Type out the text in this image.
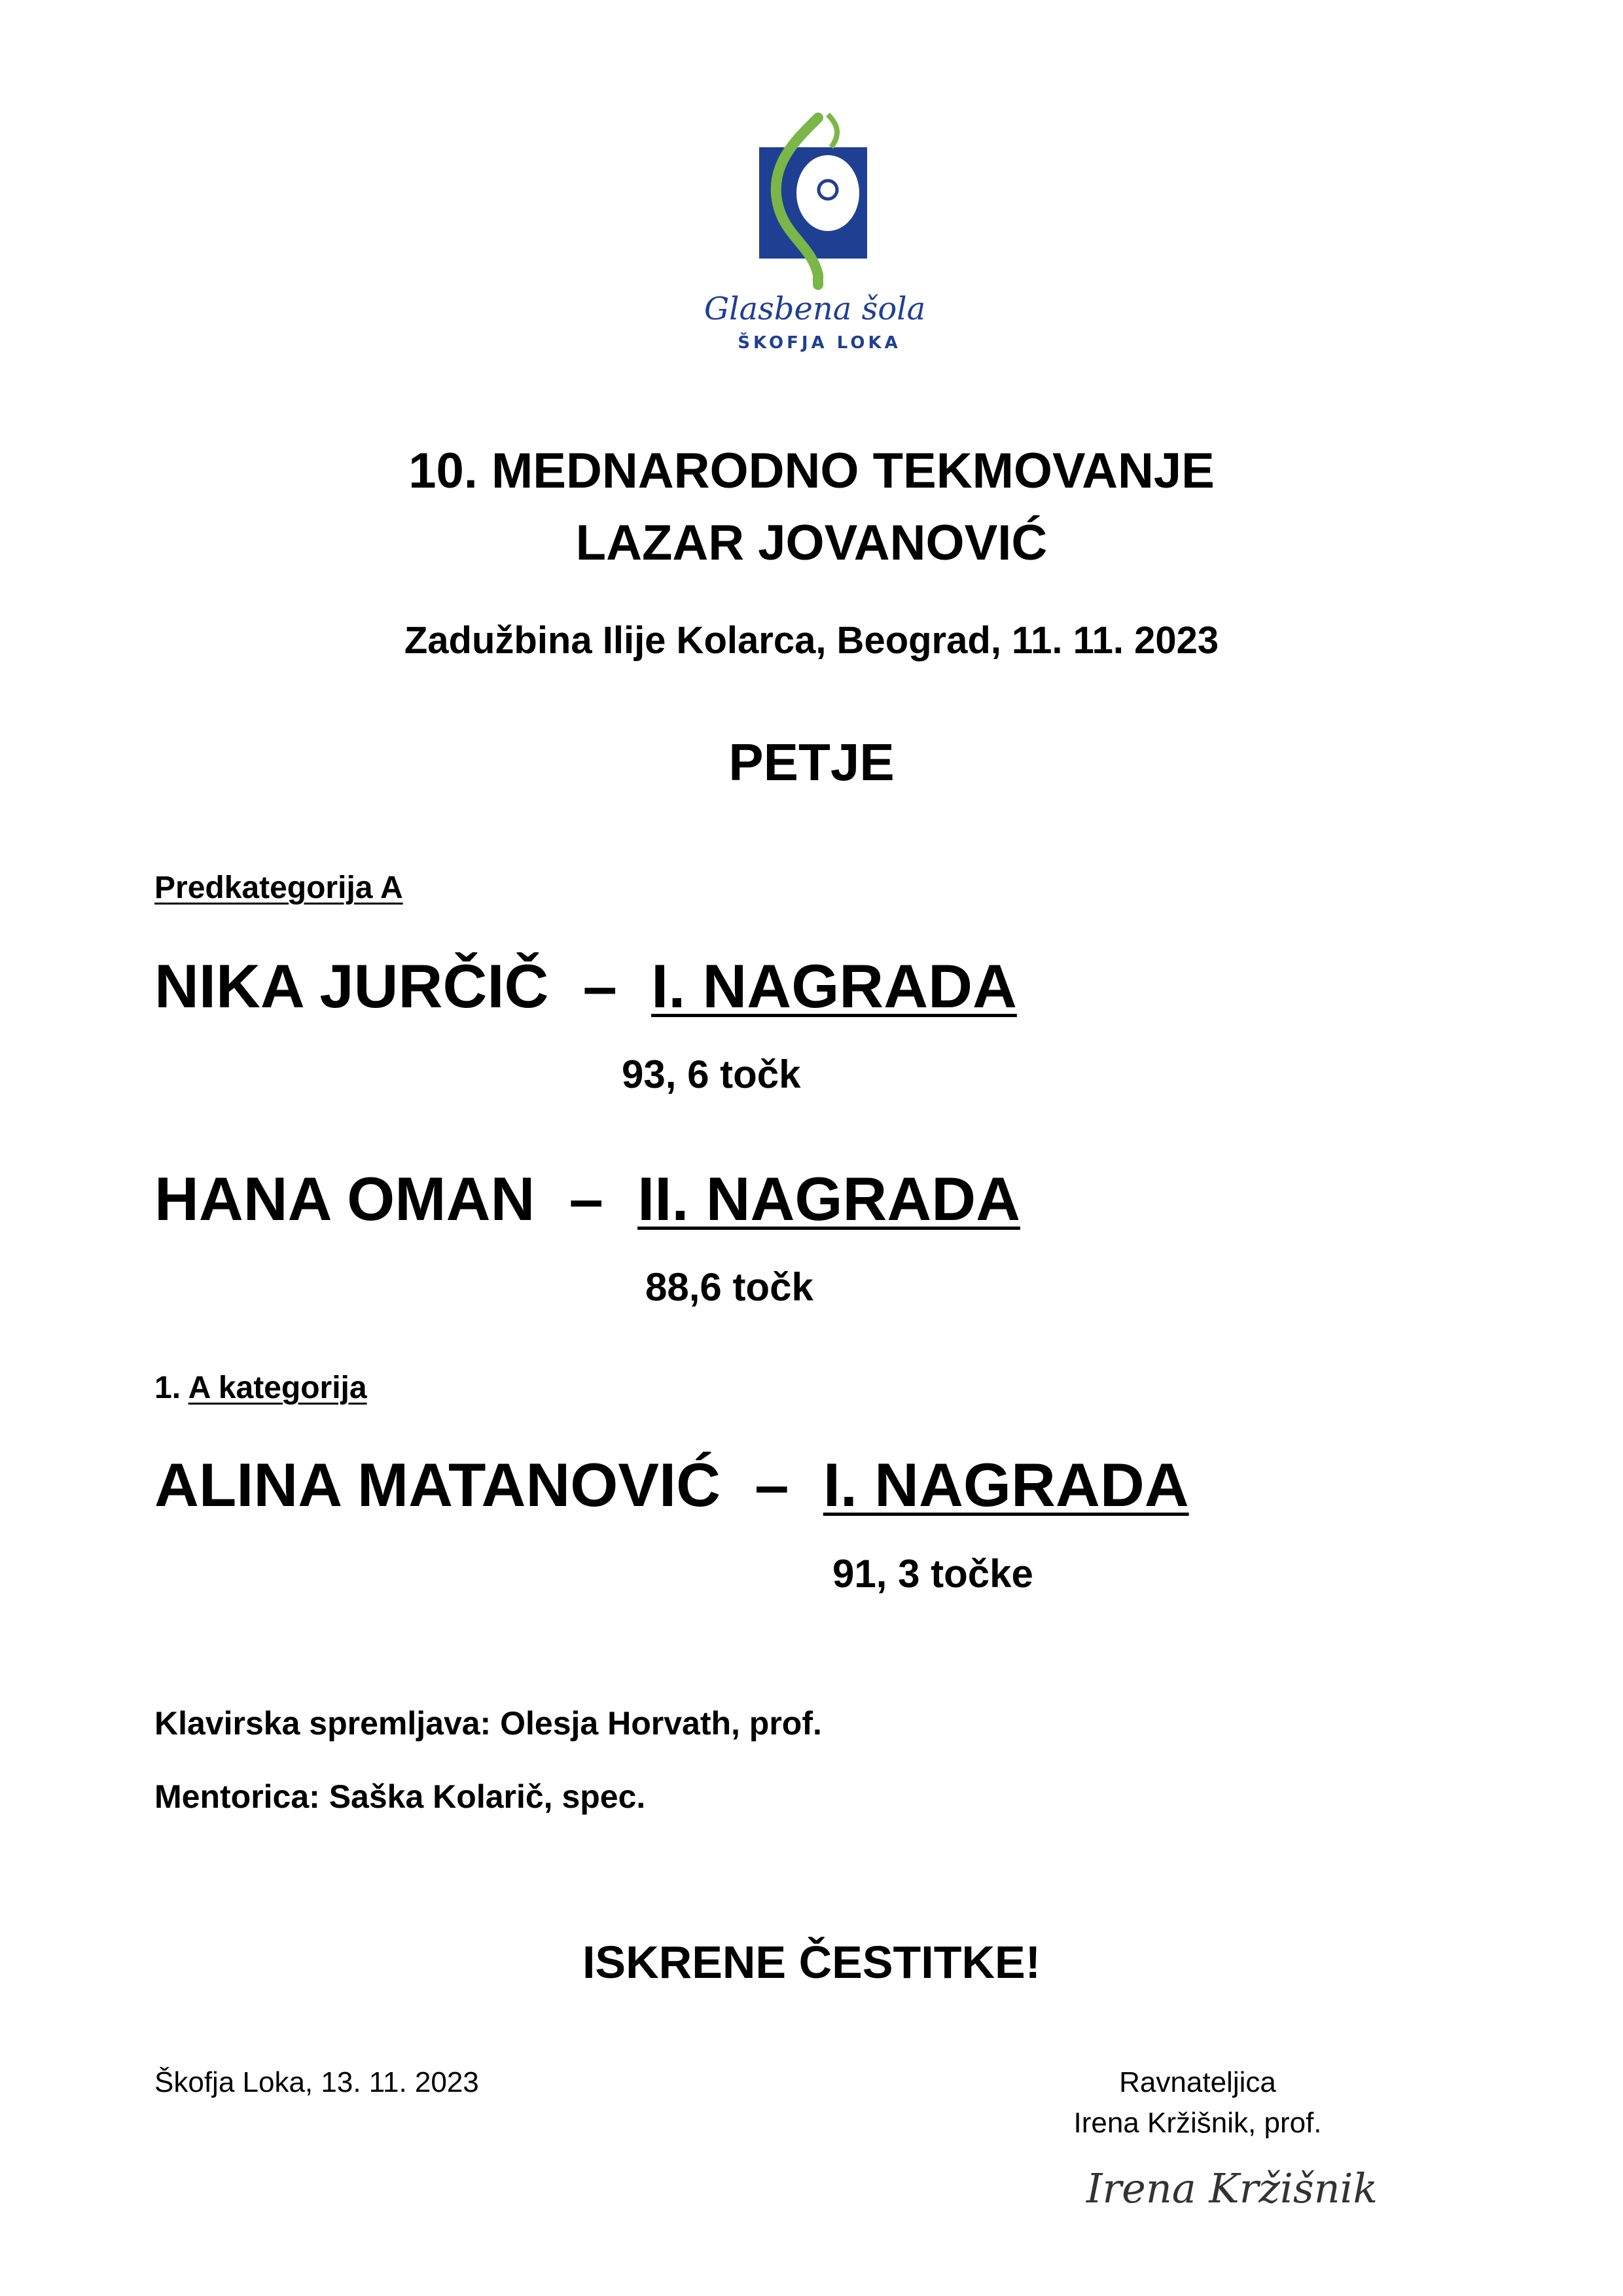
Glasbena šola
ŠKOFJA LOKA
10. MEDNARODNO TEKMOVANJE
LAZAR JOVANOVIĆ
Zadužbina Ilije Kolarca, Beograd, 11. 11. 2023
PETJE
Predkategorija A
NIKA JURČIČ – I. NAGRADA
93, 6 točk
HANA OMAN – II. NAGRADA
88,6 točk
1. A kategorija
ALINA MATANOVIĆ – I. NAGRADA
91, 3 točke
Klavirska spremljava: Olesja Horvath, prof.
Mentorica: Saška Kolarič, spec.
ISKRENE ČESTITKE!
Škofja Loka, 13. 11. 2023	Ravnateljica
Irena Kržišnik, prof.
Irena Kržišnik
